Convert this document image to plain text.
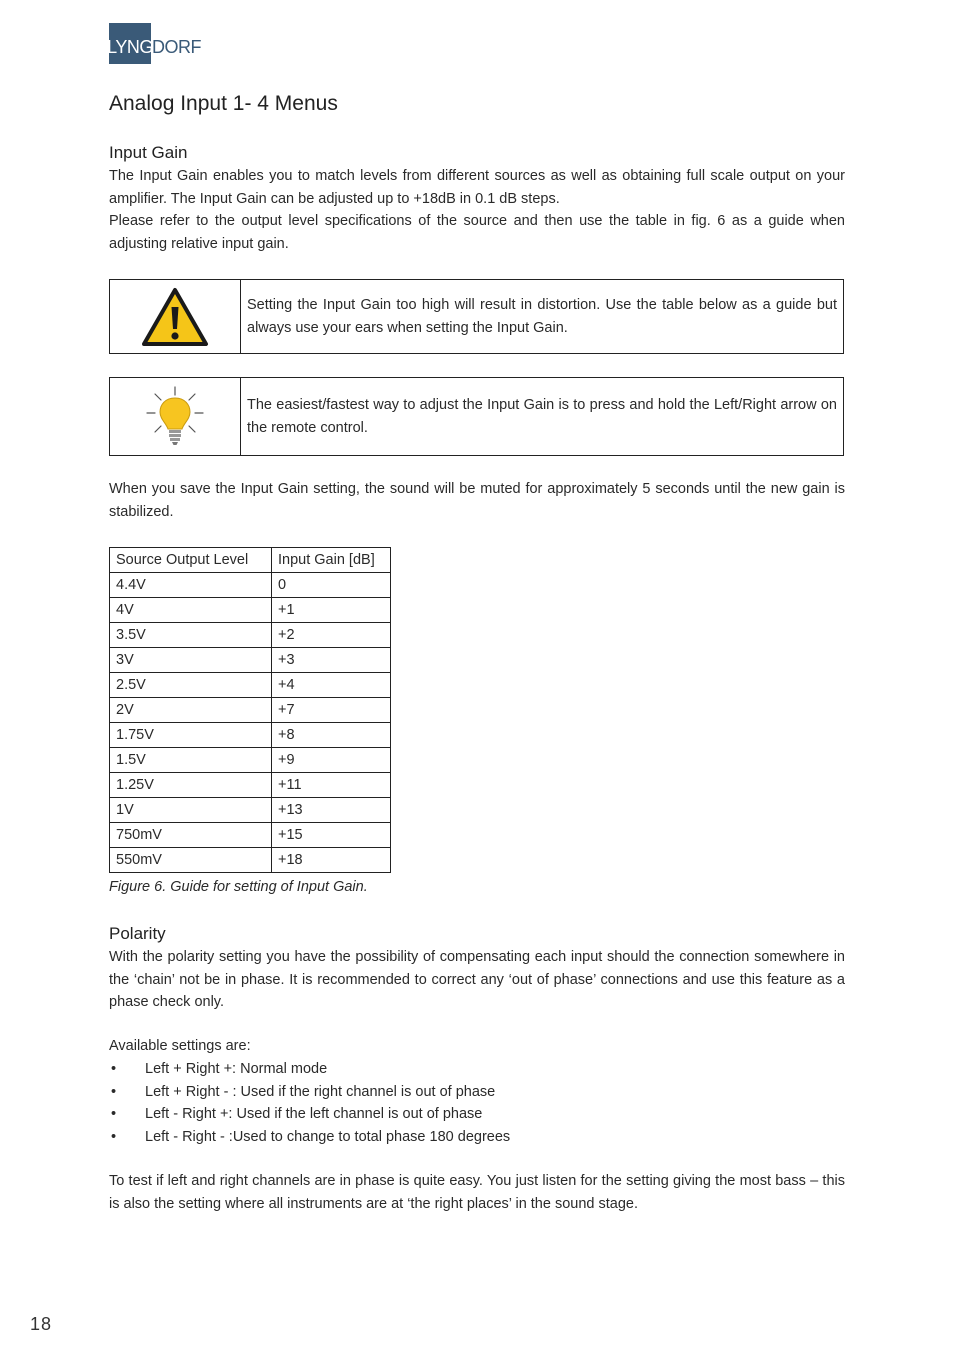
LYNG DORF
Analog Input 1- 4 Menus
Input Gain

The Input Gain enables you to match levels from different sources as well as obtaining full scale output on your amplifier. The Input Gain can be adjusted up to +18dB in 0.1 dB steps.

Please refer to the output level specifications of the source and then use the table in fig. 6 as a guide when adjusting relative input gain.

Setting the Input Gain too high will result in distortion. Use the table below as a guide but always use your ears when setting the Input Gain.
The easiest/fastest way to adjust the Input Gain is to press and hold the Left/Right arrow on the remote control.

When you save the Input Gain setting, the sound will be muted for approximately 5 seconds until the new gain is stabilized.

Source Output Level	Input Gain [dB]
4.4V	0
4V	+1
3.5V	+2
3V	+3
2.5V	+4
2V	+7
1.75V	+8
1.5V	+9
1.25V	+11
1V	+13
750mV	+15
550mV	+18

Figure 6. Guide for setting of Input Gain.

Polarity

With the polarity setting you have the possibility of compensating each input should the connection somewhere in the ‘chain’ not be in phase. It is recommended to correct any ‘out of phase’ connections and use this feature as a phase check only.

Available settings are:

• Left + Right +: Normal mode
• Left + Right - : Used if the right channel is out of phase
• Left - Right +: Used if the left channel is out of phase
• Left - Right - :Used to change to total phase 180 degrees

To test if left and right channels are in phase is quite easy. You just listen for the setting giving the most bass – this is also the setting where all instruments are at ‘the right places’ in the sound stage.

18
